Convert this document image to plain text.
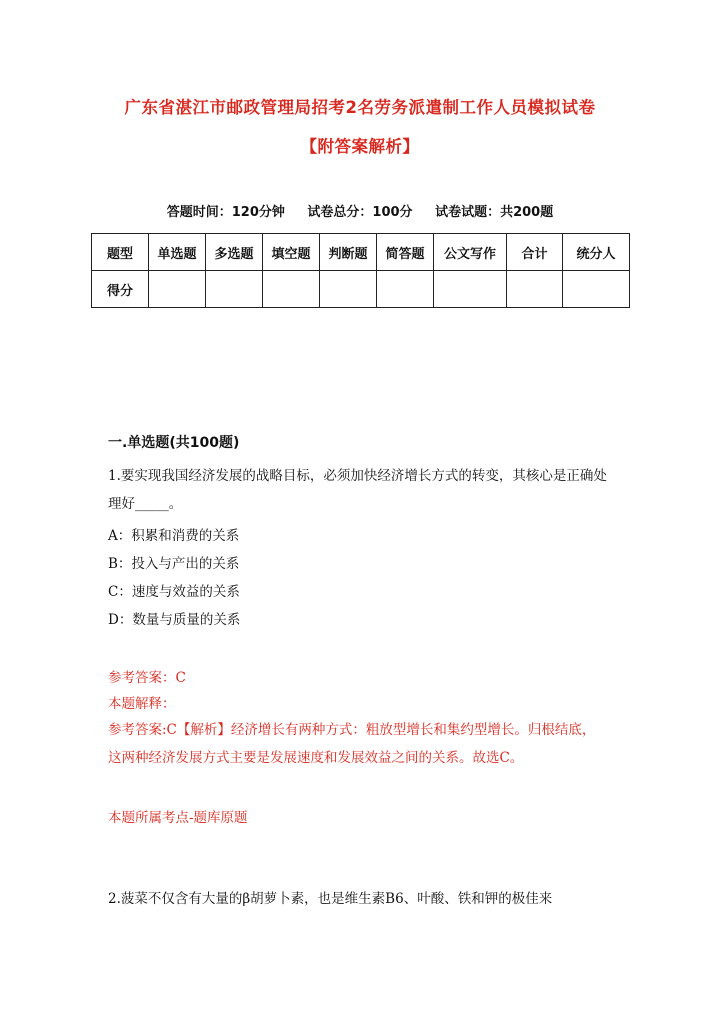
广东省湛江市邮政管理局招考2名劳务派遣制工作人员模拟试卷
【附答案解析】
答题时间：120分钟 试卷总分：100分 试卷试题：共200题
题型	单选题	多选题	填空题	判断题	简答题	公文写作	合计	统分人
得分								
一.单选题(共100题)
1.要实现我国经济发展的战略目标，必须加快经济增长方式的转变，其核心是正确处理好_____。
A：积累和消费的关系
B：投入与产出的关系
C：速度与效益的关系
D：数量与质量的关系
参考答案：C
本题解释：
参考答案:C【解析】经济增长有两种方式：粗放型增长和集约型增长。归根结底，这两种经济发展方式主要是发展速度和发展效益之间的关系。故选C。
本题所属考点-题库原题
2.菠菜不仅含有大量的β胡萝卜素，也是维生素B6、叶酸、铁和钾的极佳来
